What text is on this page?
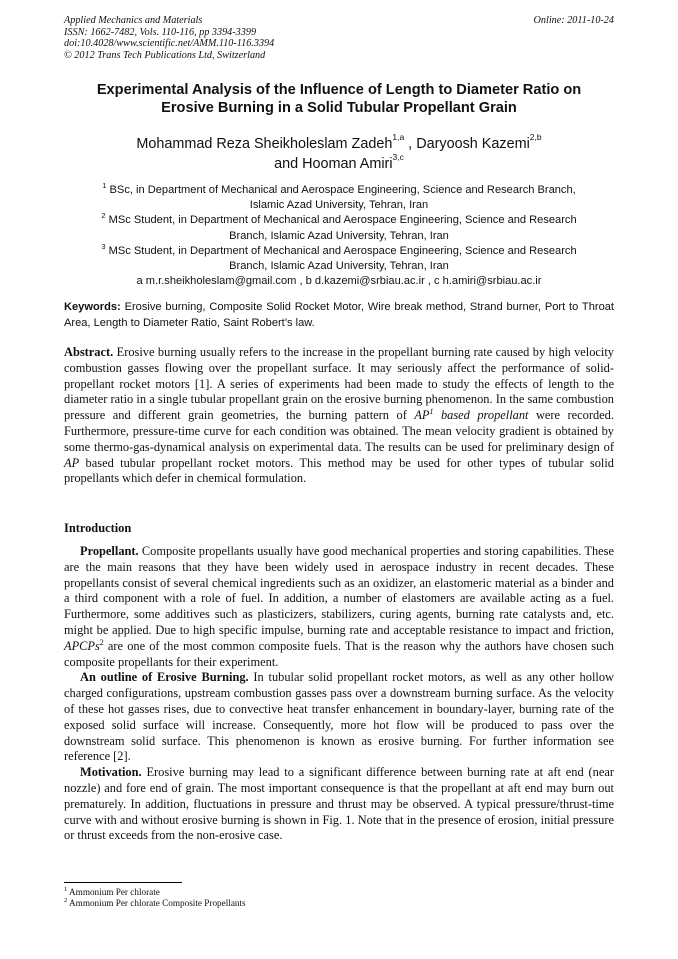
Applied Mechanics and Materials
ISSN: 1662-7482, Vols. 110-116, pp 3394-3399
doi:10.4028/www.scientific.net/AMM.110-116.3394
© 2012 Trans Tech Publications Ltd, Switzerland
Online: 2011-10-24
Experimental Analysis of the Influence of Length to Diameter Ratio on
Erosive Burning in a Solid Tubular Propellant Grain
Mohammad Reza Sheikholeslam Zadeh$^{1,a}$ , Daryoosh Kazemi$^{2,b}$
and Hooman Amiri$^{3,c}$
$^1$ BSc, in Department of Mechanical and Aerospace Engineering, Science and Research Branch,
Islamic Azad University, Tehran, Iran
$^2$ MSc Student, in Department of Mechanical and Aerospace Engineering, Science and Research
Branch, Islamic Azad University, Tehran, Iran
$^3$ MSc Student, in Department of Mechanical and Aerospace Engineering, Science and Research
Branch, Islamic Azad University, Tehran, Iran
a m.r.sheikholeslam@gmail.com , b d.kazemi@srbiau.ac.ir , c h.amiri@srbiau.ac.ir
Keywords: Erosive burning, Composite Solid Rocket Motor, Wire break method, Strand burner, Port to Throat Area, Length to Diameter Ratio, Saint Robert’s law.

Abstract. Erosive burning usually refers to the increase in the propellant burning rate caused by high velocity combustion gasses flowing over the propellant surface. It may seriously affect the performance of solid-propellant rocket motors [1]. A series of experiments had been made to study the effects of length to the diameter ratio in a single tubular propellant grain on the erosive burning phenomenon. In the same combustion pressure and different grain geometries, the burning pattern of $AP^1$ based propellant were recorded. Furthermore, pressure-time curve for each condition was obtained. The mean velocity gradient is obtained by some thermo-gas-dynamical analysis on experimental data. The results can be used for preliminary design of AP based tubular propellant rocket motors. This method may be used for other types of tubular solid propellants which defer in chemical formulation.

Introduction

Propellant. Composite propellants usually have good mechanical properties and storing capabilities. These are the main reasons that they have been widely used in aerospace industry in recent decades. These propellants consist of several chemical ingredients such as an oxidizer, an elastomeric material as a binder and a third component with a role of fuel. In addition, a number of elastomers are available acting as a fuel. Furthermore, some additives such as plasticizers, stabilizers, curing agents, burning rate catalysts and, etc. might be applied. Due to high specific impulse, burning rate and acceptable resistance to impact and friction, APCPs$^2$ are one of the most common composite fuels. That is the reason why the authors have chosen such composite propellants for their experiment.

An outline of Erosive Burning. In tubular solid propellant rocket motors, as well as any other hollow charged configurations, upstream combustion gasses pass over a downstream burning surface. As the velocity of these hot gasses rises, due to convective heat transfer enhancement in boundary-layer, burning rate of the exposed solid surface will increase. Consequently, more hot flow will be produced to pass over the downstream solid surface. This phenomenon is known as erosive burning. For further information see reference [2].

Motivation. Erosive burning may lead to a significant difference between burning rate at aft end (near nozzle) and fore end of grain. The most important consequence is that the propellant at aft end may burn out prematurely. In addition, fluctuations in pressure and thrust may be observed. A typical pressure/thrust-time curve with and without erosive burning is shown in Fig. 1. Note that in the presence of erosion, initial pressure or thrust exceeds from the non-erosive case.

$^1$ Ammonium Per chlorate
$^2$ Ammonium Per chlorate Composite Propellants
